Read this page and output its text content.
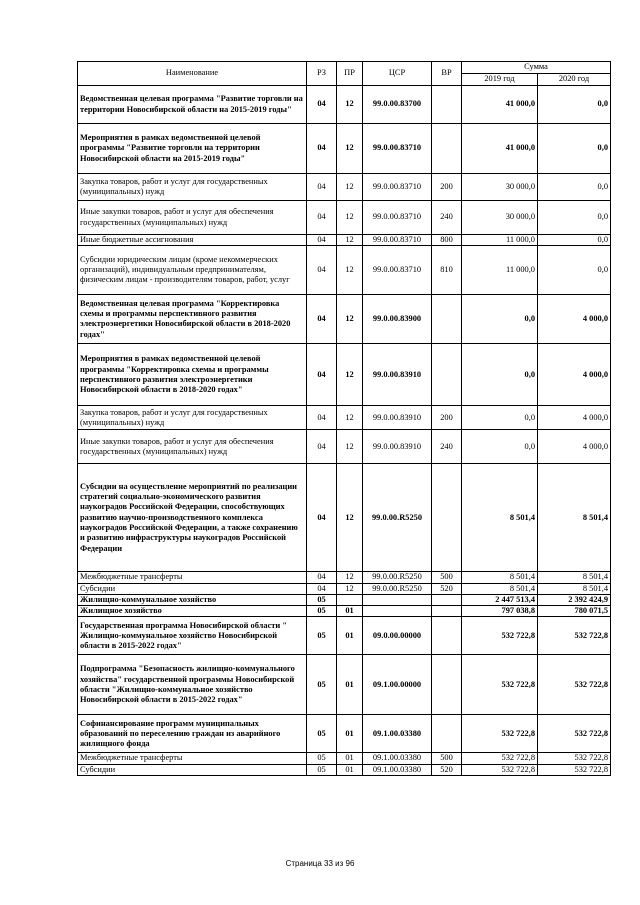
Наименование	РЗ	ПР	ЦСР	ВР	Сумма	
					2019 год	2020 год
Ведомственная целевая программа "Развитие торговли на территории Новосибирской области на 2015-2019 годы"	04	12	99.0.00.83700		41 000,0	0,0
Мероприятия в рамках ведомственной целевой программы "Развитие торговли на территории Новосибирской области на 2015-2019 годы"	04	12	99.0.00.83710		41 000,0	0,0
Закупка товаров, работ и услуг для государственных (муниципальных) нужд	04	12	99.0.00.83710	200	30 000,0	0,0
Иные закупки товаров, работ и услуг для обеспечения государственных (муниципальных) нужд	04	12	99.0.00.83710	240	30 000,0	0,0
Иные бюджетные ассигнования	04	12	99.0.00.83710	800	11 000,0	0,0
Субсидии юридическим лицам (кроме некоммерческих организаций), индивидуальным предпринимателям, физическим лицам - производителям товаров, работ, услуг	04	12	99.0.00.83710	810	11 000,0	0,0
Ведомственная целевая программа "Корректировка схемы и программы перспективного развития электроэнергетики Новосибирской области в 2018-2020 годах"	04	12	99.0.00.83900		0,0	4 000,0
Мероприятия в рамках ведомственной целевой программы "Корректировка схемы и программы перспективного развития электроэнергетики Новосибирской области в 2018-2020 годах"	04	12	99.0.00.83910		0,0	4 000,0
Закупка товаров, работ и услуг для государственных (муниципальных) нужд	04	12	99.0.00.83910	200	0,0	4 000,0
Иные закупки товаров, работ и услуг для обеспечения государственных (муниципальных) нужд	04	12	99.0.00.83910	240	0,0	4 000,0
Субсидии на осуществление мероприятий по реализации стратегий социально-экономического развития наукоградов Российской Федерации, способствующих развитию научно-производственного комплекса наукоградов Российской Федерации, а также сохранению и развитию инфраструктуры наукоградов Российской Федерации	04	12	99.0.00.R5250		8 501,4	8 501,4
Межбюджетные трансферты	04	12	99.0.00.R5250	500	8 501,4	8 501,4
Субсидии	04	12	99.0.00.R5250	520	8 501,4	8 501,4
Жилищно-коммунальное хозяйство	05				2 447 513,4	2 392 424,9
Жилищное хозяйство	05	01			797 038,8	780 071,5
Государственная программа Новосибирской области " Жилищно-коммунальное хозяйство Новосибирской области в 2015-2022 годах"	05	01	09.0.00.00000		532 722,8	532 722,8
Подпрограмма "Безопасность жилищно-коммунального хозяйства" государственной программы Новосибирской области "Жилищно-коммунальное хозяйство Новосибирской области в 2015-2022 годах"	05	01	09.1.00.00000		532 722,8	532 722,8
Софинансирование программ муниципальных образований по переселению граждан из аварийного жилищного фонда	05	01	09.1.00.03380		532 722,8	532 722,8
Межбюджетные трансферты	05	01	09.1.00.03380	500	532 722,8	532 722,8
Субсидии	05	01	09.1.00.03380	520	532 722,8	532 722,8
Страница 33 из 96
